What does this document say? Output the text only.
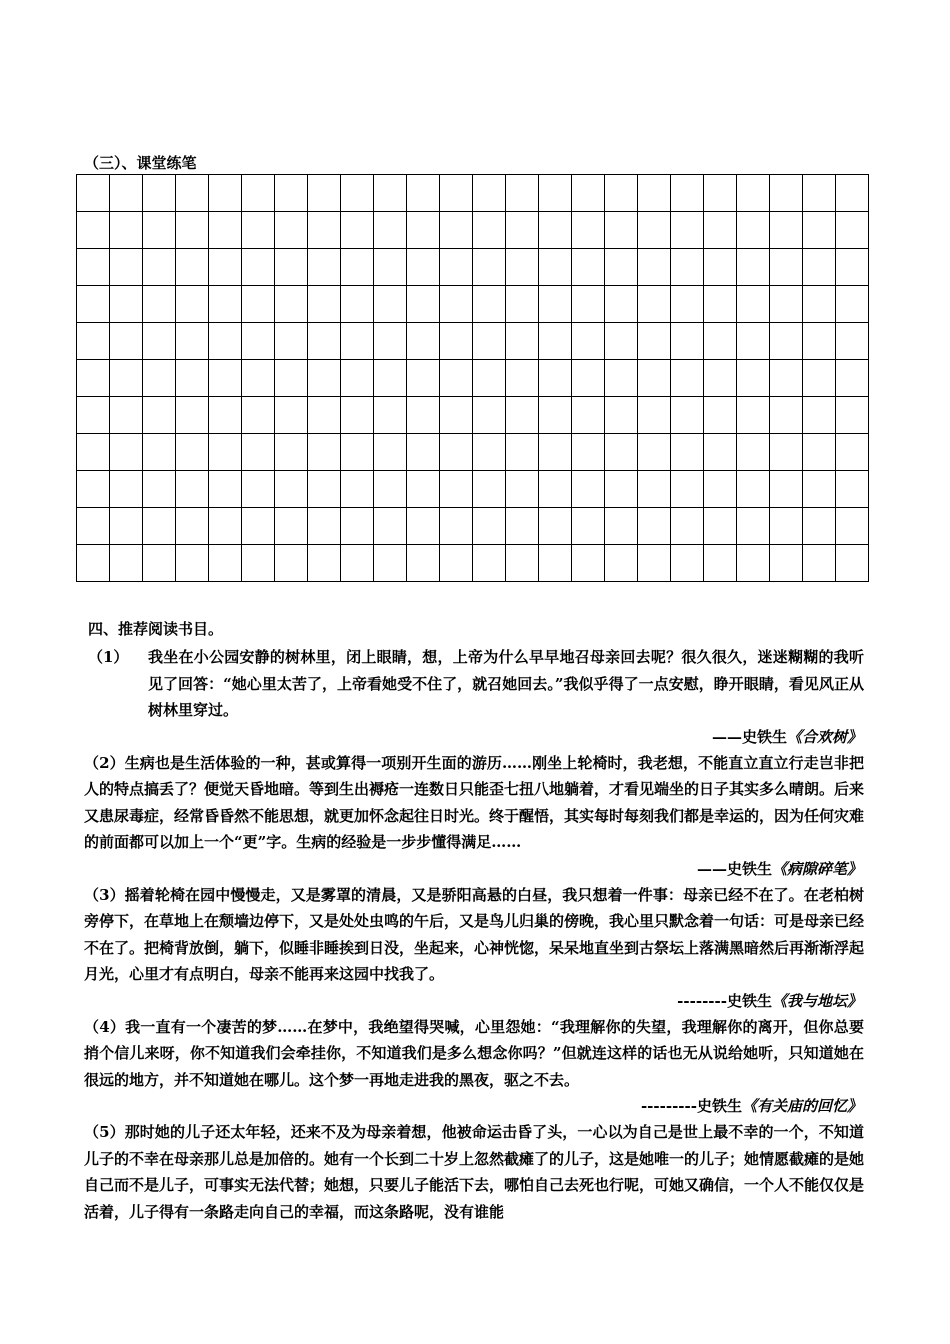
（三）、课堂练笔

四、推荐阅读书目。
（1）	我坐在小公园安静的树林里，闭上眼睛，想，上帝为什么早早地召母亲回去呢？很久很久，迷迷糊糊的我听见了回答：“她心里太苦了，上帝看她受不住了，就召她回去。”我似乎得了一点安慰，睁开眼睛，看见风正从树林里穿过。
——史铁生《合欢树》

（2）生病也是生活体验的一种，甚或算得一项别开生面的游历……刚坐上轮椅时，我老想，不能直立直立行走岂非把人的特点搞丢了？便觉天昏地暗。等到生出褥疮一连数日只能歪七扭八地躺着，才看见端坐的日子其实多么晴朗。后来又患尿毒症，经常昏昏然不能思想，就更加怀念起往日时光。终于醒悟，其实每时每刻我们都是幸运的，因为任何灾难的前面都可以加上一个“更”字。生病的经验是一步步懂得满足……

——史铁生《病隙碎笔》

（3）摇着轮椅在园中慢慢走，又是雾罩的清晨，又是骄阳高悬的白昼，我只想着一件事：母亲已经不在了。在老柏树旁停下，在草地上在颓墙边停下，又是处处虫鸣的午后，又是鸟儿归巢的傍晚，我心里只默念着一句话：可是母亲已经不在了。把椅背放倒，躺下，似睡非睡挨到日没，坐起来，心神恍惚，呆呆地直坐到古祭坛上落满黑暗然后再渐渐浮起月光，心里才有点明白，母亲不能再来这园中找我了。

--------史铁生《我与地坛》

（4）我一直有一个凄苦的梦……在梦中，我绝望得哭喊，心里怨她：“我理解你的失望，我理解你的离开，但你总要捎个信儿来呀，你不知道我们会牵挂你，不知道我们是多么想念你吗？”但就连这样的话也无从说给她听，只知道她在很远的地方，并不知道她在哪儿。这个梦一再地走进我的黑夜，驱之不去。

---------史铁生《有关庙的回忆》

（5）那时她的儿子还太年轻，还来不及为母亲着想，他被命运击昏了头，一心以为自己是世上最不幸的一个，不知道儿子的不幸在母亲那儿总是加倍的。她有一个长到二十岁上忽然截瘫了的儿子，这是她唯一的儿子；她情愿截瘫的是她自己而不是儿子，可事实无法代替；她想，只要儿子能活下去，哪怕自己去死也行呢，可她又确信，一个人不能仅仅是活着，儿子得有一条路走向自己的幸福，而这条路呢，没有谁能
